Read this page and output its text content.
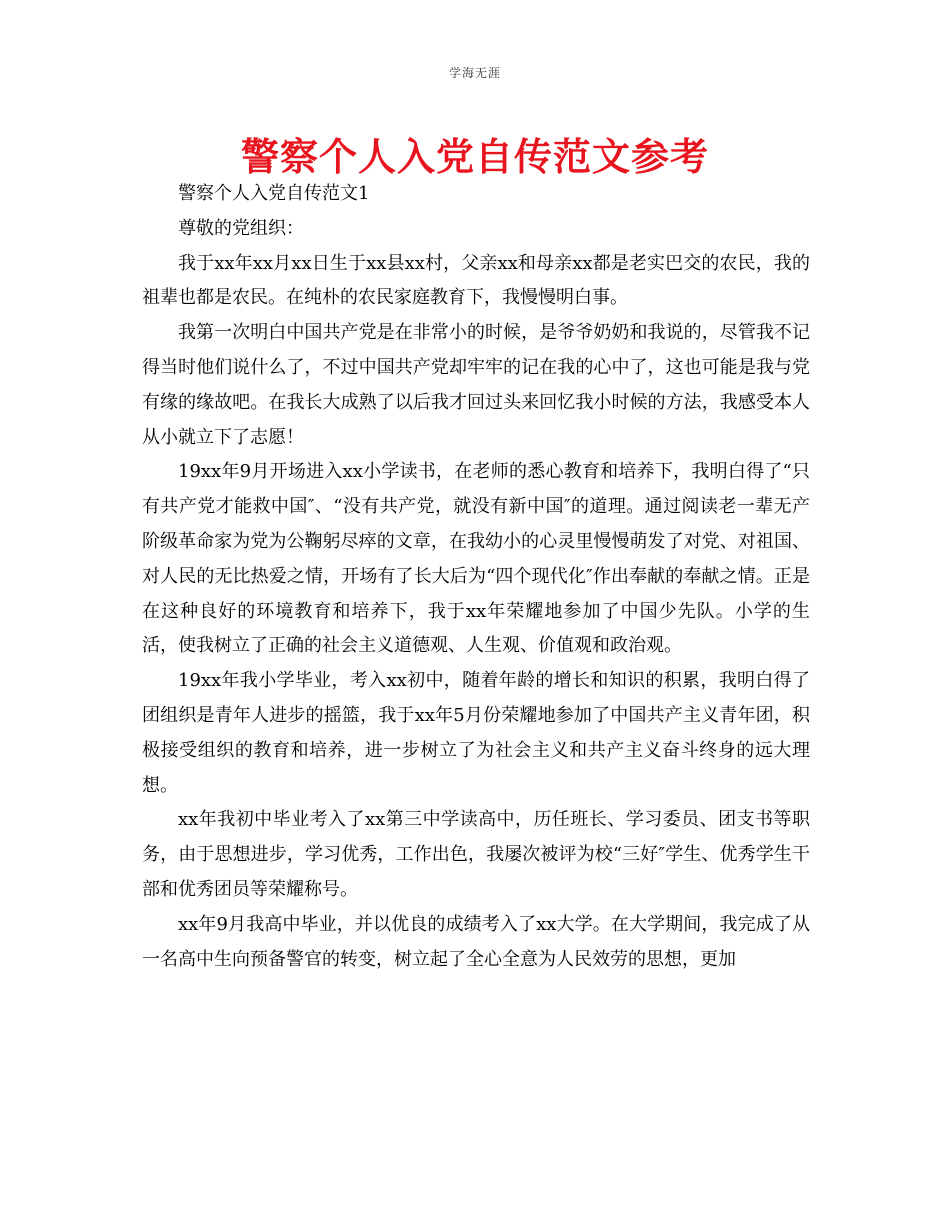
学海无涯
警察个人入党自传范文参考

警察个人入党自传范文1

尊敬的党组织：

我于xx年xx月xx日生于xx县xx村，父亲xx和母亲xx都是老实巴交的农民，我的祖辈也都是农民。在纯朴的农民家庭教育下，我慢慢明白事。

我第一次明白中国共产党是在非常小的时候，是爷爷奶奶和我说的，尽管我不记得当时他们说什么了，不过中国共产党却牢牢的记在我的心中了，这也可能是我与党有缘的缘故吧。在我长大成熟了以后我才回过头来回忆我小时候的方法，我感受本人从小就立下了志愿！

19xx年9月开场进入xx小学读书，在老师的悉心教育和培养下，我明白得了“只有共产党才能救中国″、“没有共产党，就没有新中国″的道理。通过阅读老一辈无产阶级革命家为党为公鞠躬尽瘁的文章，在我幼小的心灵里慢慢萌发了对党、对祖国、对人民的无比热爱之情，开场有了长大后为“四个现代化″作出奉献的奉献之情。正是在这种良好的环境教育和培养下，我于xx年荣耀地参加了中国少先队。小学的生活，使我树立了正确的社会主义道德观、人生观、价值观和政治观。

19xx年我小学毕业，考入xx初中，随着年龄的增长和知识的积累，我明白得了团组织是青年人进步的摇篮，我于xx年5月份荣耀地参加了中国共产主义青年团，积极接受组织的教育和培养，进一步树立了为社会主义和共产主义奋斗终身的远大理想。

xx年我初中毕业考入了xx第三中学读高中，历任班长、学习委员、团支书等职务，由于思想进步，学习优秀，工作出色，我屡次被评为校“三好″学生、优秀学生干部和优秀团员等荣耀称号。

xx年9月我高中毕业，并以优良的成绩考入了xx大学。在大学期间，我完成了从一名高中生向预备警官的转变，树立起了全心全意为人民效劳的思想，更加
